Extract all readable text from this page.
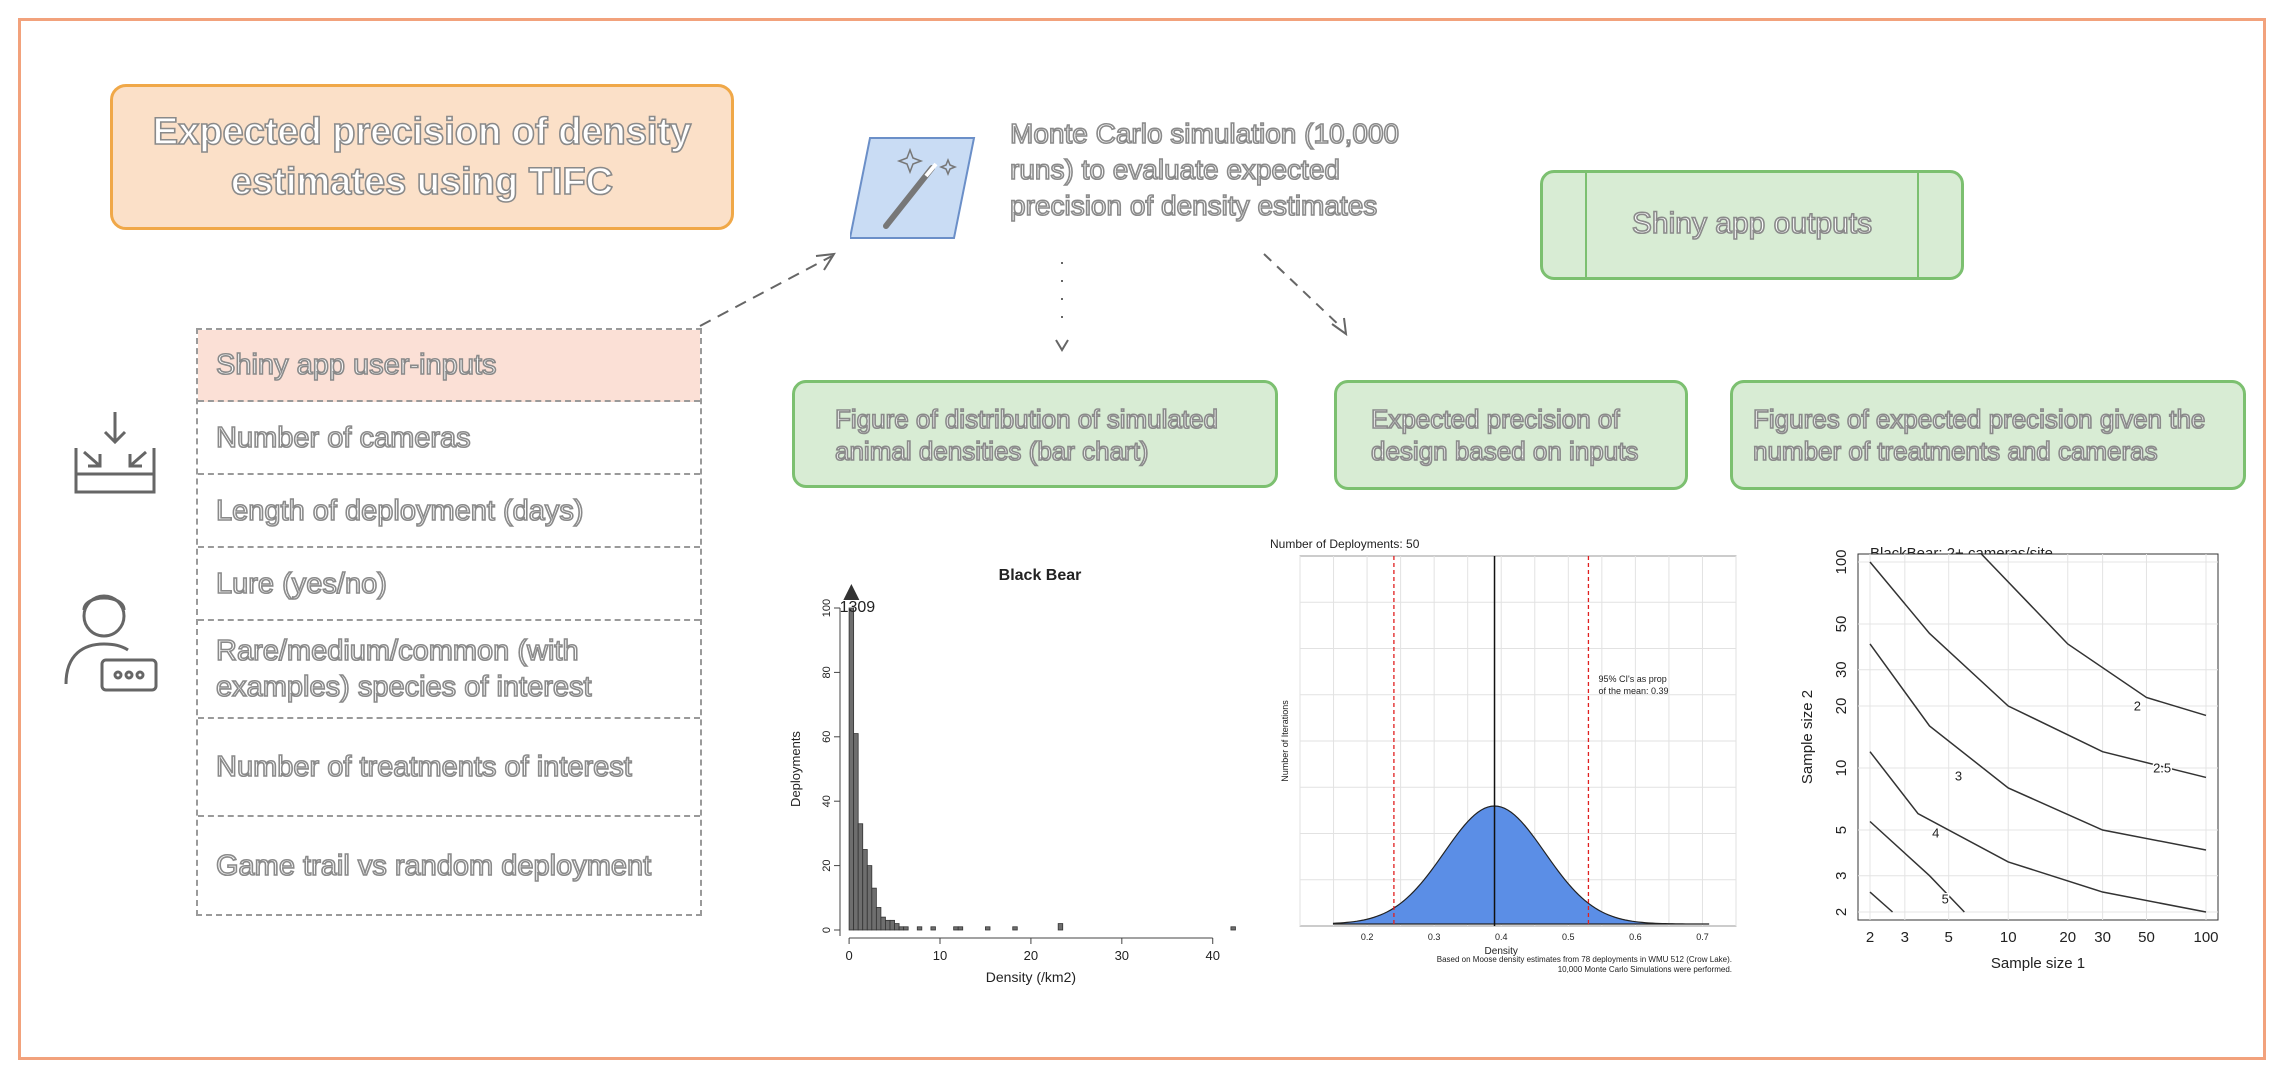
Expected precision of density estimates using TIFC
Monte Carlo simulation (10,000 runs) to evaluate expected precision of density estimates
Shiny app outputs
Shiny app user-inputs
Number of cameras
Length of deployment (days)
Lure (yes/no)
Rare/medium/common (with examples) species of interest
Number of treatments of interest
Game trail vs random deployment
Figure of distribution of simulated animal densities (bar chart)
Expected precision of design based on inputs
Figures of expected precision given the number of treatments and cameras
Black Bear
0
20
40
60
80
100
0	10	20	30	40
1309
Density (/km2)
Deployments
Number of Deployments: 50
0.2	0.3	0.4	0.5	0.6	0.7
Density
Number of Iterations
95% CI's as prop
of the mean: 0.39
Based on Moose density estimates from 78 deployments in WMU 512 (Crow Lake).
10,000 Monte Carlo Simulations were performed.
2 3 5	10	20 30 50	100
2
3
5
10
20
30
50
100
2
2.5
3
4
5
Sample size 1
Sample size 2
